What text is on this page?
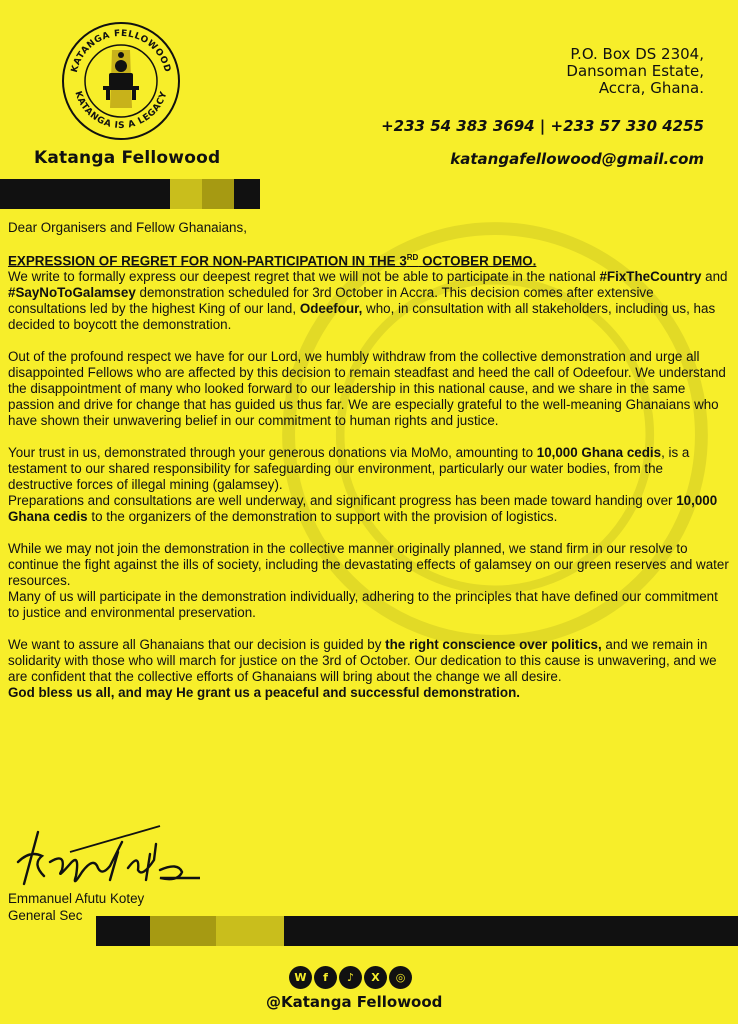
KATANGA FELLOWOOD
KATANGA IS A LEGACY
Katanga Fellowood
P.O. Box DS 2304,
Dansoman Estate,
Accra, Ghana.
+233 54 383 3694 | +233 57 330 4255
katangafellowood@gmail.com

Dear Organisers and Fellow Ghanaians,

EXPRESSION OF REGRET FOR NON-PARTICIPATION IN THE 3RD OCTOBER DEMO.

We write to formally express our deepest regret that we will not be able to participate in the national #FixTheCountry and #SayNoToGalamsey demonstration scheduled for 3rd October in Accra. This decision comes after extensive consultations led by the highest King of our land, Odeefour, who, in consultation with all stakeholders, including us, has decided to boycott the demonstration.

Out of the profound respect we have for our Lord, we humbly withdraw from the collective demonstration and urge all disappointed Fellows who are affected by this decision to remain steadfast and heed the call of Odeefour. We understand the disappointment of many who looked forward to our leadership in this national cause, and we share in the same passion and drive for change that has guided us thus far. We are especially grateful to the well-meaning Ghanaians who have shown their unwavering belief in our commitment to human rights and justice.

Your trust in us, demonstrated through your generous donations via MoMo, amounting to 10,000 Ghana cedis, is a testament to our shared responsibility for safeguarding our environment, particularly our water bodies, from the destructive forces of illegal mining (galamsey).

Preparations and consultations are well underway, and significant progress has been made toward handing over 10,000 Ghana cedis to the organizers of the demonstration to support with the provision of logistics.

While we may not join the demonstration in the collective manner originally planned, we stand firm in our resolve to continue the fight against the ills of society, including the devastating effects of galamsey on our green reserves and water resources.

Many of us will participate in the demonstration individually, adhering to the principles that have defined our commitment to justice and environmental preservation.

We want to assure all Ghanaians that our decision is guided by the right conscience over politics, and we remain in solidarity with those who will march for justice on the 3rd of October. Our dedication to this cause is unwavering, and we are confident that the collective efforts of Ghanaians will bring about the change we all desire.

God bless us all, and may He grant us a peaceful and successful demonstration.

Emmanuel Afutu Kotey
General Sec
W	f	♪	X	◎
@Katanga Fellowood
